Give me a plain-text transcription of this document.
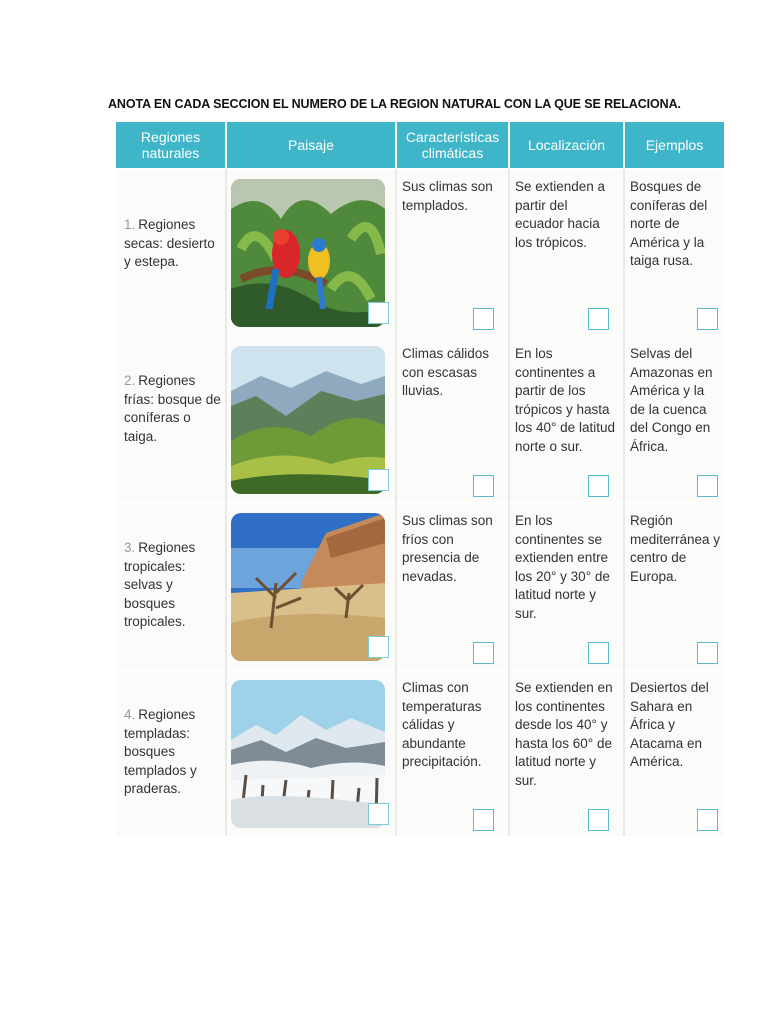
ANOTA EN CADA SECCION EL NUMERO DE LA REGION NATURAL CON LA QUE SE RELACIONA.
Regiones naturales	Paisaje	Características climáticas	Localización	Ejemplos

1. Regiones secas: desierto y estepa.		Sus climas son templados.	Se extienden a partir del ecuador hacia los trópicos.	Bosques de coníferas del norte de América y la taiga rusa.

2. Regiones frías: bosque de coníferas o taiga.		Climas cálidos con escasas lluvias.	En los continentes a partir de los trópicos y hasta los 40° de latitud norte o sur.	Selvas del Amazonas en América y la de la cuenca del Congo en África.

3. Regiones tropicales: selvas y bosques tropicales.		Sus climas son fríos con presencia de nevadas.	En los continentes se extienden entre los 20° y 30° de latitud norte y sur.	Región mediterránea y centro de Europa.

4. Regiones templadas: bosques templados y praderas.		Climas con temperaturas cálidas y abundante precipitación.	Se extienden en los continentes desde los 40° y hasta los 60° de latitud norte y sur.	Desiertos del Sahara en África y Atacama en América.
